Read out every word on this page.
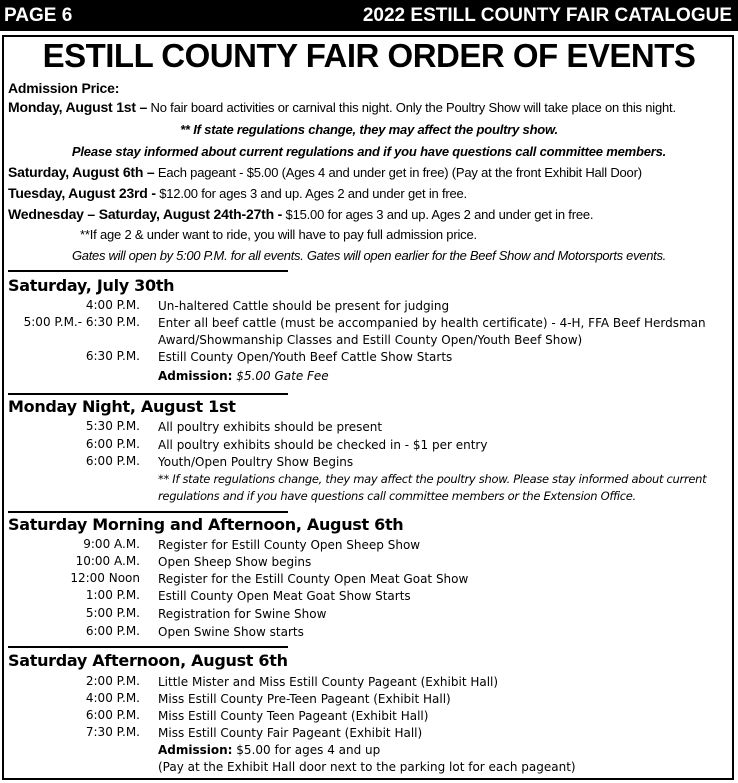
PAGE 6	2022 ESTILL COUNTY FAIR CATALOGUE
ESTILL COUNTY FAIR ORDER OF EVENTS
Admission Price:
Monday, August 1st – No fair board activities or carnival this night. Only the Poultry Show will take place on this night.
** If state regulations change, they may affect the poultry show.
Please stay informed about current regulations and if you have questions call committee members.
Saturday, August 6th – Each pageant - $5.00 (Ages 4 and under get in free) (Pay at the front Exhibit Hall Door)
Tuesday, August 23rd - $12.00 for ages 3 and up. Ages 2 and under get in free.
Wednesday – Saturday, August 24th-27th - $15.00 for ages 3 and up. Ages 2 and under get in free.
**If age 2 & under want to ride, you will have to pay full admission price.
Gates will open by 5:00 P.M. for all events. Gates will open earlier for the Beef Show and Motorsports events.
Saturday, July 30th
4:00 P.M. Un-haltered Cattle should be present for judging
5:00 P.M.- 6:30 P.M. Enter all beef cattle (must be accompanied by health certificate) - 4-H, FFA Beef Herdsman Award/Showmanship Classes and Estill County Open/Youth Beef Show)
6:30 P.M. Estill County Open/Youth Beef Cattle Show Starts
Admission: $5.00 Gate Fee
Monday Night, August 1st
5:30 P.M. All poultry exhibits should be present
6:00 P.M. All poultry exhibits should be checked in - $1 per entry
6:00 P.M. Youth/Open Poultry Show Begins
** If state regulations change, they may affect the poultry show. Please stay informed about current regulations and if you have questions call committee members or the Extension Office.
Saturday Morning and Afternoon, August 6th
9:00 A.M. Register for Estill County Open Sheep Show
10:00 A.M. Open Sheep Show begins
12:00 Noon Register for the Estill County Open Meat Goat Show
1:00 P.M. Estill County Open Meat Goat Show Starts
5:00 P.M. Registration for Swine Show
6:00 P.M. Open Swine Show starts
Saturday Afternoon, August 6th
2:00 P.M. Little Mister and Miss Estill County Pageant (Exhibit Hall)
4:00 P.M. Miss Estill County Pre-Teen Pageant (Exhibit Hall)
6:00 P.M. Miss Estill County Teen Pageant (Exhibit Hall)
7:30 P.M. Miss Estill County Fair Pageant (Exhibit Hall)
Admission: $5.00 for ages 4 and up
(Pay at the Exhibit Hall door next to the parking lot for each pageant)
